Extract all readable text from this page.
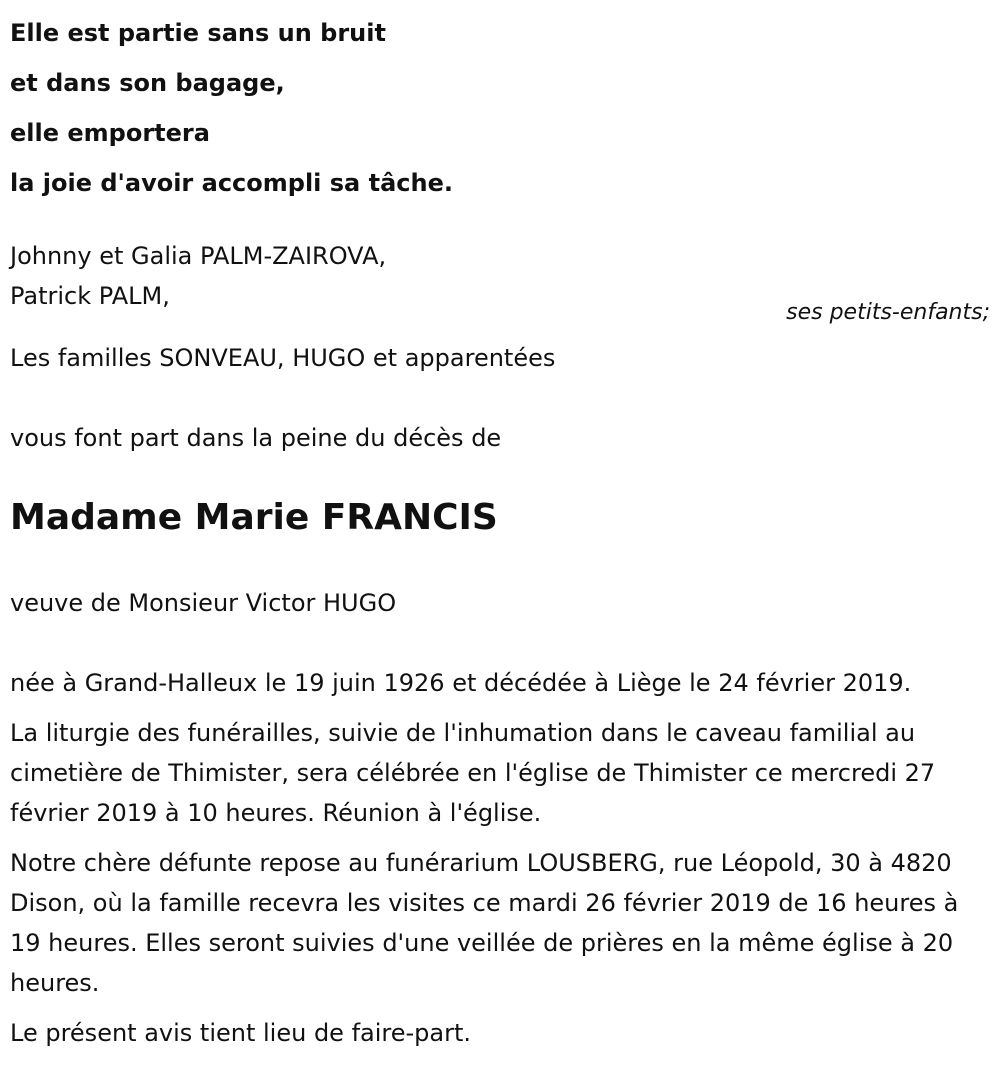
Elle est partie sans un bruit
et dans son bagage,
elle emportera
la joie d'avoir accompli sa tâche.
Johnny et Galia PALM-ZAIROVA,
Patrick PALM,
ses petits-enfants;
Les familles SONVEAU, HUGO et apparentées
vous font part dans la peine du décès de
Madame Marie FRANCIS
veuve de Monsieur Victor HUGO
née à Grand-Halleux le 19 juin 1926 et décédée à Liège le 24 février 2019.
La liturgie des funérailles, suivie de l'inhumation dans le caveau familial au cimetière de Thimister, sera célébrée en l'église de Thimister ce mercredi 27 février 2019 à 10 heures. Réunion à l'église.
Notre chère défunte repose au funérarium LOUSBERG, rue Léopold, 30 à 4820 Dison, où la famille recevra les visites ce mardi 26 février 2019 de 16 heures à 19 heures. Elles seront suivies d'une veillée de prières en la même église à 20 heures.
Le présent avis tient lieu de faire-part.
